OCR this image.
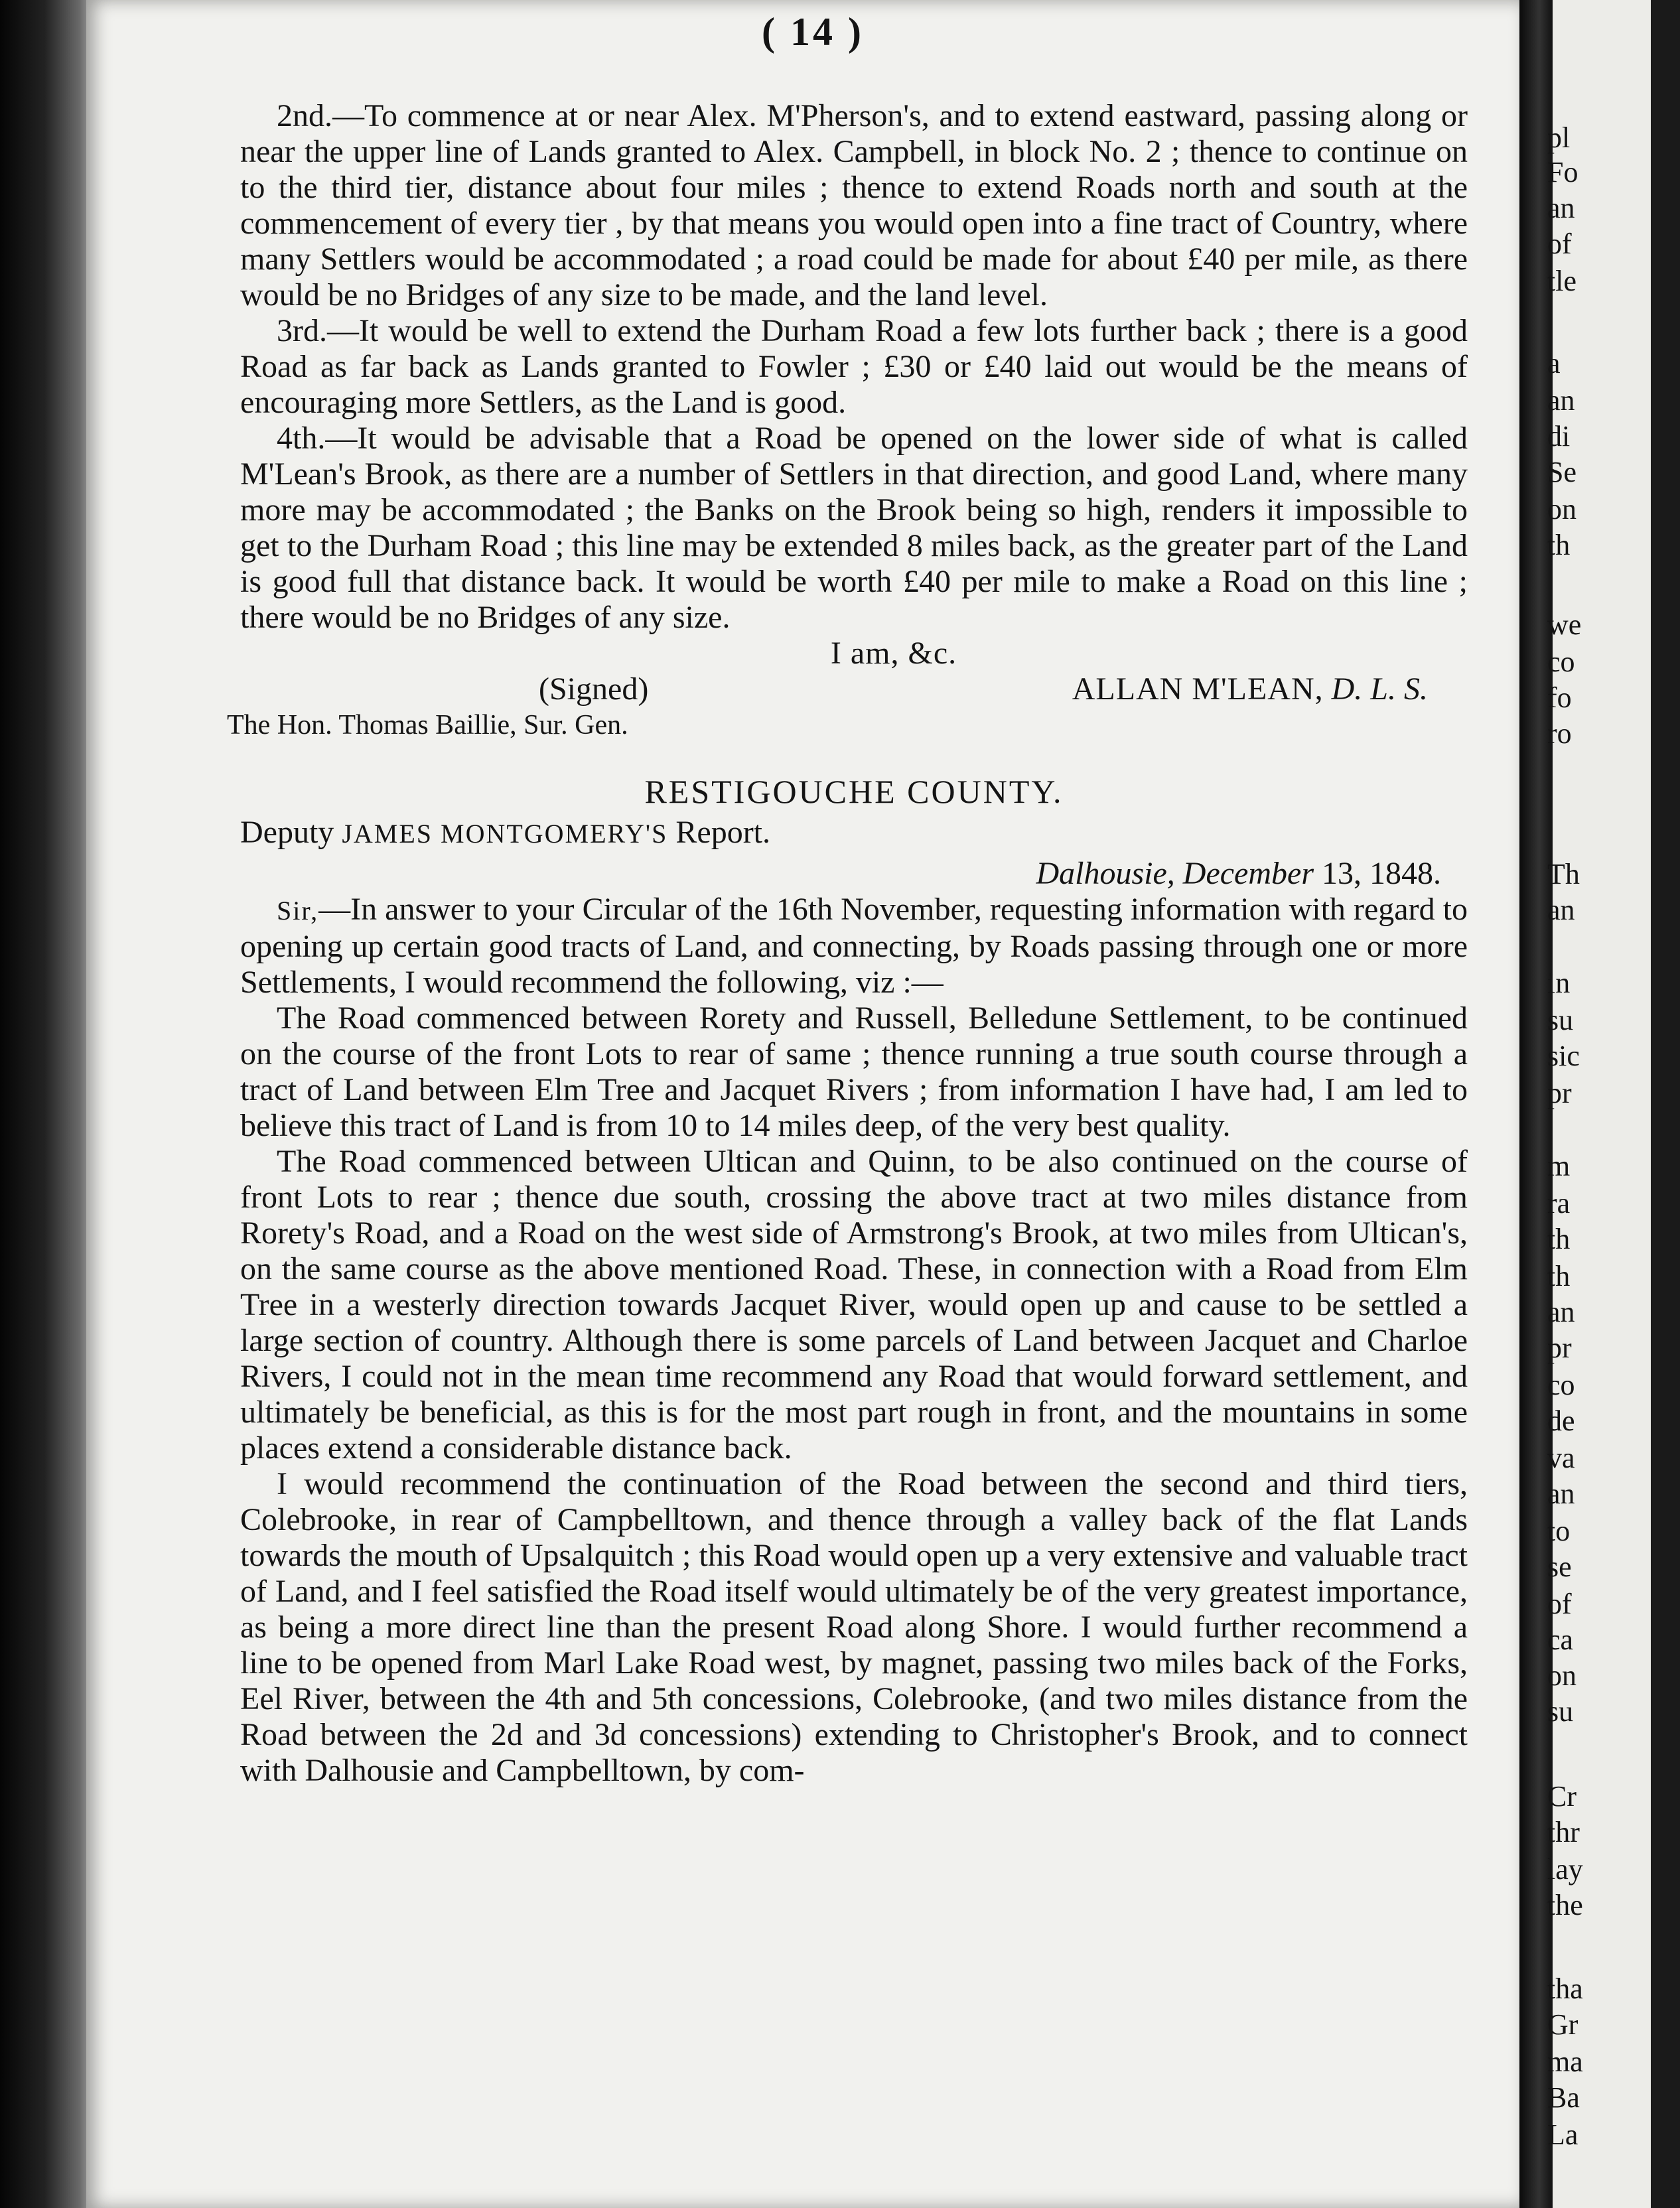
( 14 )

2nd.—To commence at or near Alex. M'Pherson's, and to extend eastward, passing along or near the upper line of Lands granted to Alex. Campbell, in block No. 2 ; thence to continue on to the third tier, distance about four miles ; thence to extend Roads north and south at the commencement of every tier , by that means you would open into a fine tract of Country, where many Settlers would be accommodated ; a road could be made for about £40 per mile, as there would be no Bridges of any size to be made, and the land level.

3rd.—It would be well to extend the Durham Road a few lots further back ; there is a good Road as far back as Lands granted to Fowler ; £30 or £40 laid out would be the means of encouraging more Settlers, as the Land is good.

4th.—It would be advisable that a Road be opened on the lower side of what is called M'Lean's Brook, as there are a number of Settlers in that direction, and good Land, where many more may be accommodated ; the Banks on the Brook being so high, renders it impossible to get to the Durham Road ; this line may be extended 8 miles back, as the greater part of the Land is good full that distance back. It would be worth £40 per mile to make a Road on this line ; there would be no Bridges of any size.

I am, &c.

(Signed)	ALLAN M'LEAN, D. L. S.

The Hon. Thomas Baillie, Sur. Gen.

RESTIGOUCHE COUNTY.

Deputy JAMES MONTGOMERY'S Report.

Dalhousie, December 13, 1848.

Sir,—In answer to your Circular of the 16th November, requesting information with regard to opening up certain good tracts of Land, and connecting, by Roads passing through one or more Settlements, I would recommend the following, viz :—

The Road commenced between Rorety and Russell, Belledune Settlement, to be continued on the course of the front Lots to rear of same ; thence running a true south course through a tract of Land between Elm Tree and Jacquet Rivers ; from information I have had, I am led to believe this tract of Land is from 10 to 14 miles deep, of the very best quality.

The Road commenced between Ultican and Quinn, to be also continued on the course of front Lots to rear ; thence due south, crossing the above tract at two miles distance from Rorety's Road, and a Road on the west side of Armstrong's Brook, at two miles from Ultican's, on the same course as the above mentioned Road. These, in connection with a Road from Elm Tree in a westerly direction towards Jacquet River, would open up and cause to be settled a large section of country. Although there is some parcels of Land between Jacquet and Charloe Rivers, I could not in the mean time recommend any Road that would forward settlement, and ultimately be beneficial, as this is for the most part rough in front, and the mountains in some places extend a considerable distance back.

I would recommend the continuation of the Road between the second and third tiers, Colebrooke, in rear of Campbelltown, and thence through a valley back of the flat Lands towards the mouth of Upsalquitch ; this Road would open up a very extensive and valuable tract of Land, and I feel satisfied the Road itself would ultimately be of the very greatest importance, as being a more direct line than the present Road along Shore. I would further recommend a line to be opened from Marl Lake Road west, by magnet, passing two miles back of the Forks, Eel River, between the 4th and 5th concessions, Colebrooke, (and two miles distance from the Road between the 2d and 3d concessions) extending to Christopher's Brook, and to connect with Dalhousie and Campbelltown, by com-

pl
Fo
an
of
tle
a
an
di
Se
on
th
we
co
fo
ro
Th
an
in
su
sic
pr
m
ra
th
th
an
pr
co
de
va
an
to
se
of
ca
on
su
Cr
thr
lay
the
tha
Gr
ma
Ba
La
